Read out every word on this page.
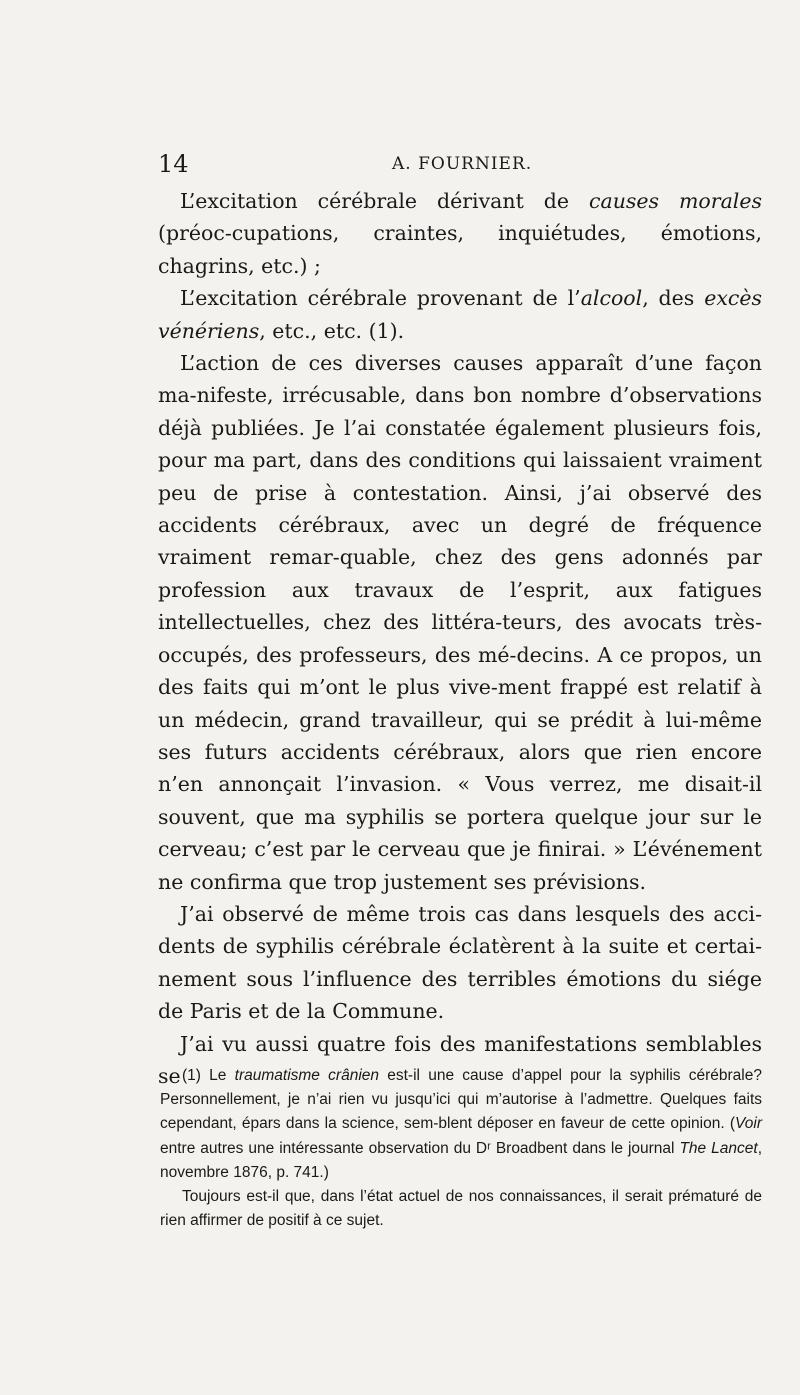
14	A. FOURNIER.

L’excitation cérébrale dérivant de causes morales (préoc-cupations, craintes, inquiétudes, émotions, chagrins, etc.) ;

L’excitation cérébrale provenant de l’alcool, des excès vénériens, etc., etc. (1).

L’action de ces diverses causes apparaît d’une façon ma-nifeste, irrécusable, dans bon nombre d’observations déjà publiées. Je l’ai constatée également plusieurs fois, pour ma part, dans des conditions qui laissaient vraiment peu de prise à contestation. Ainsi, j’ai observé des accidents cérébraux, avec un degré de fréquence vraiment remar-quable, chez des gens adonnés par profession aux travaux de l’esprit, aux fatigues intellectuelles, chez des littéra-teurs, des avocats très-occupés, des professeurs, des mé-decins. A ce propos, un des faits qui m’ont le plus vive-ment frappé est relatif à un médecin, grand travailleur, qui se prédit à lui-même ses futurs accidents cérébraux, alors que rien encore n’en annonçait l’invasion. « Vous verrez, me disait-il souvent, que ma syphilis se portera quelque jour sur le cerveau; c’est par le cerveau que je finirai. » L’événement ne confirma que trop justement ses prévisions.

J’ai observé de même trois cas dans lesquels des acci-dents de syphilis cérébrale éclatèrent à la suite et certai-nement sous l’influence des terribles émotions du siége de Paris et de la Commune.

J’ai vu aussi quatre fois des manifestations semblables se (1) Le traumatisme crânien est-il une cause d’appel pour la syphilis cérébrale? Personnellement, je n’ai rien vu jusqu’ici qui m’autorise à l’admettre. Quelques faits cependant, épars dans la science, sem-blent déposer en faveur de cette opinion. (Voir entre autres une intéressante observation du Dʳ Broadbent dans le journal The Lancet, novembre 1876, p. 741.)

Toujours est-il que, dans l’état actuel de nos connaissances, il serait prématuré de rien affirmer de positif à ce sujet.
